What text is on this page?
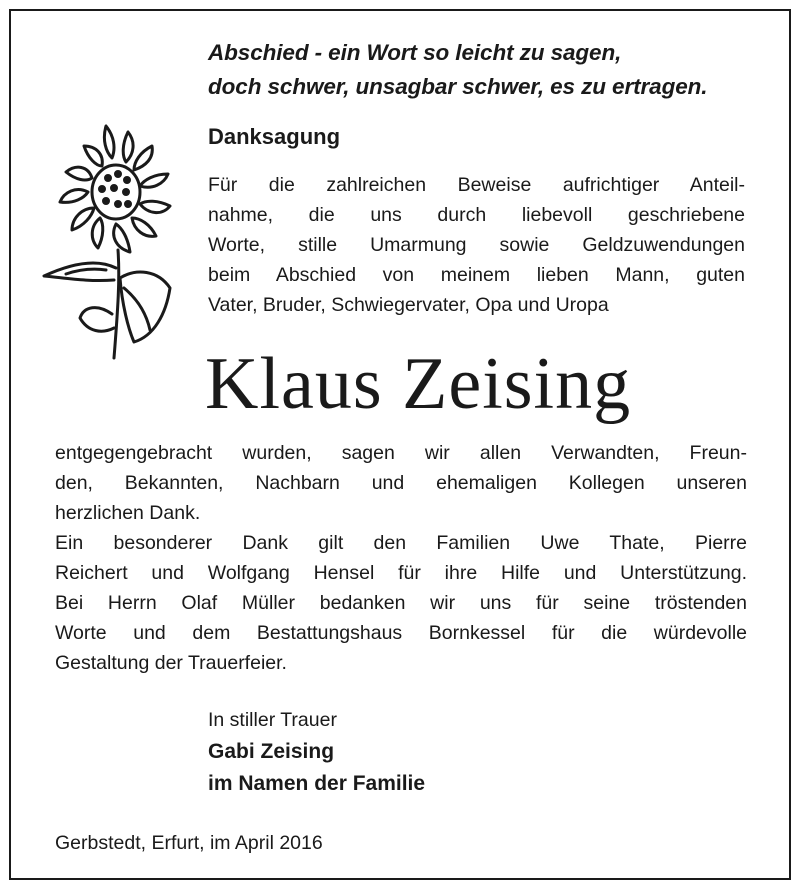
Abschied - ein Wort so leicht zu sagen,
doch schwer, unsagbar schwer, es zu ertragen.
Danksagung
Für die zahlreichen Beweise aufrichtiger Anteil-
nahme, die uns durch liebevoll geschriebene
Worte, stille Umarmung sowie Geldzuwendungen
beim Abschied von meinem lieben Mann, guten
Vater, Bruder, Schwiegervater, Opa und Uropa
Klaus Zeising
entgegengebracht wurden, sagen wir allen Verwandten, Freun-
den, Bekannten, Nachbarn und ehemaligen Kollegen unseren
herzlichen Dank.
Ein besonderer Dank gilt den Familien Uwe Thate, Pierre
Reichert und Wolfgang Hensel für ihre Hilfe und Unterstützung.
Bei Herrn Olaf Müller bedanken wir uns für seine tröstenden
Worte und dem Bestattungshaus Bornkessel für die würdevolle
Gestaltung der Trauerfeier.
In stiller Trauer
Gabi Zeising
im Namen der Familie
Gerbstedt, Erfurt, im April 2016
